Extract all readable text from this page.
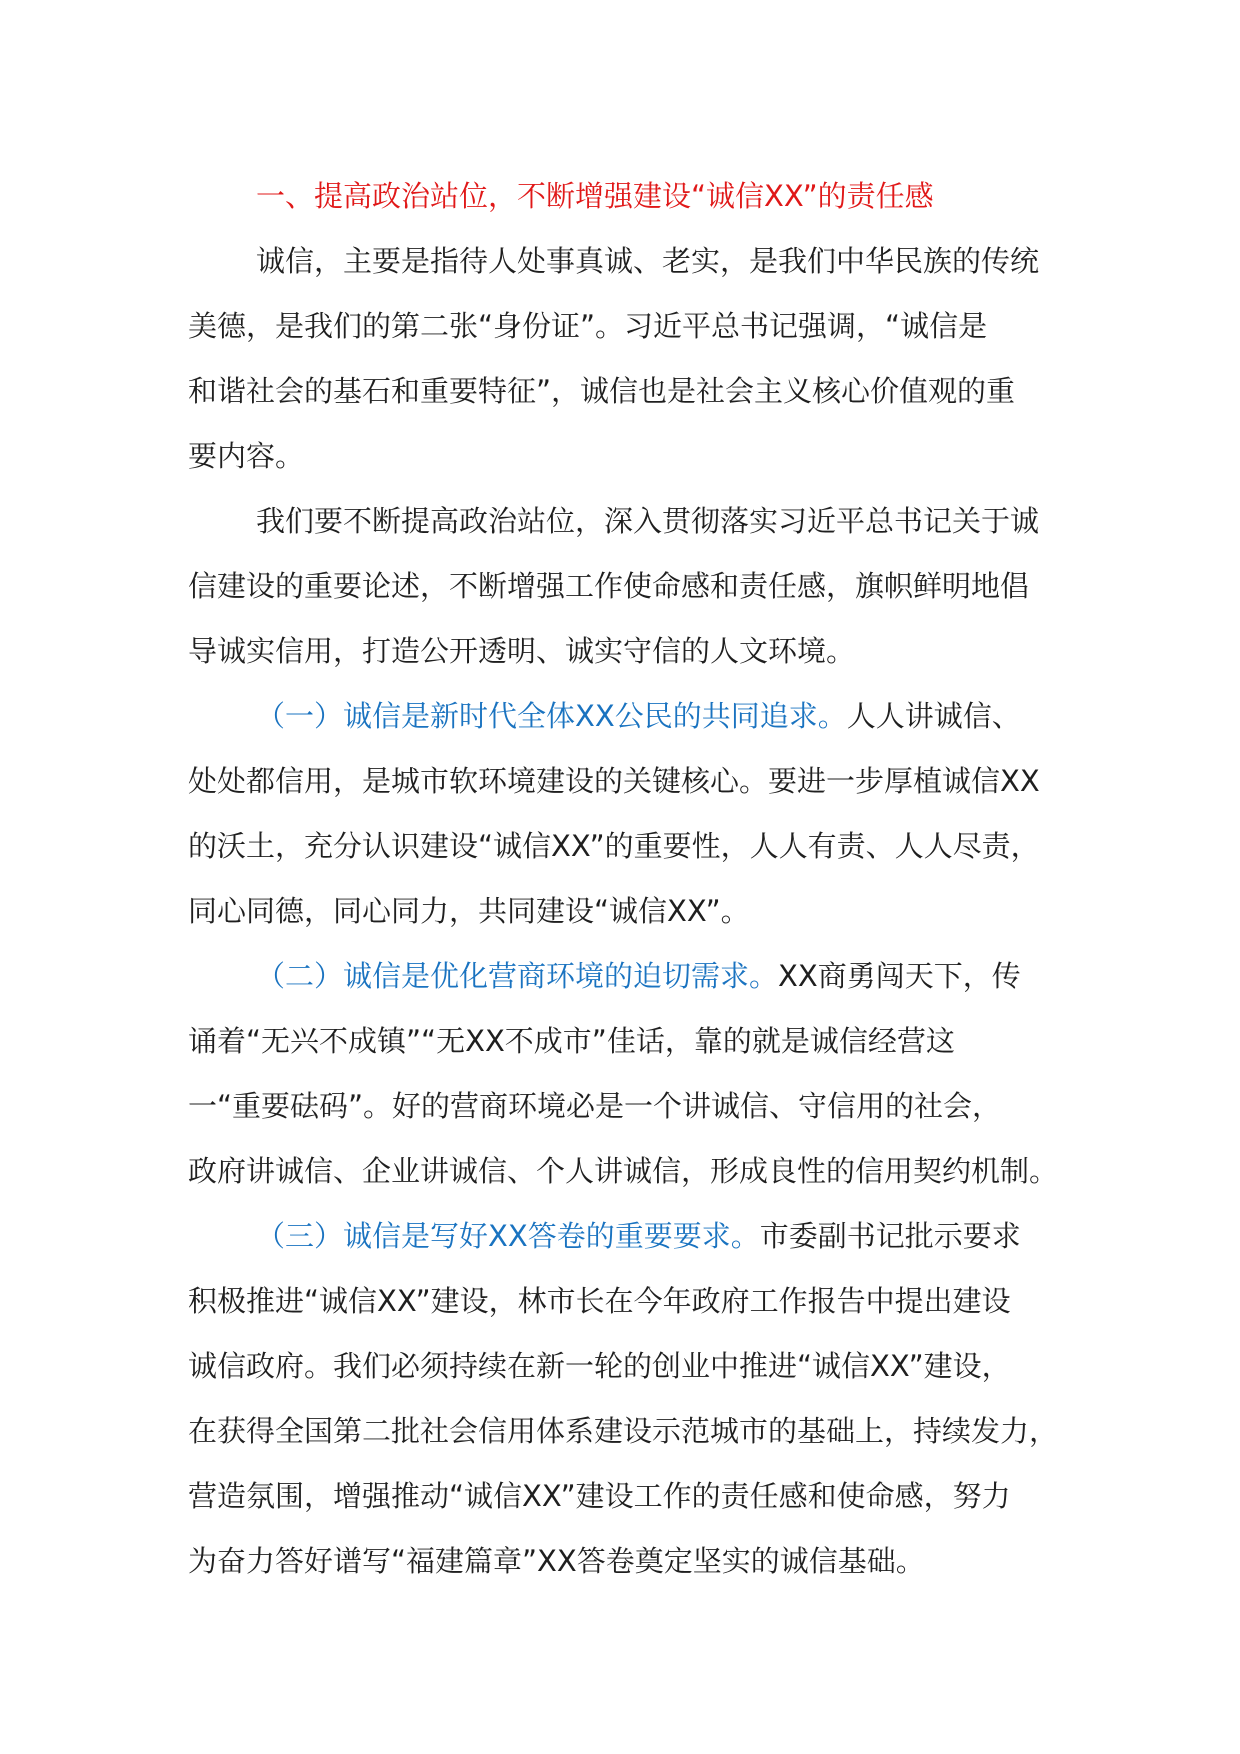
一、提高政治站位，不断增强建设“诚信XX”的责任感

诚信，主要是指待人处事真诚、老实，是我们中华民族的传统
美德，是我们的第二张“身份证”。习近平总书记强调，“诚信是
和谐社会的基石和重要特征”，诚信也是社会主义核心价值观的重
要内容。

我们要不断提高政治站位，深入贯彻落实习近平总书记关于诚
信建设的重要论述，不断增强工作使命感和责任感，旗帜鲜明地倡
导诚实信用，打造公开透明、诚实守信的人文环境。

（一）诚信是新时代全体XX公民的共同追求。人人讲诚信、
处处都信用，是城市软环境建设的关键核心。要进一步厚植诚信XX
的沃土，充分认识建设“诚信XX”的重要性，人人有责、人人尽责，
同心同德，同心同力，共同建设“诚信XX”。

（二）诚信是优化营商环境的迫切需求。XX商勇闯天下，传
诵着“无兴不成镇”“无XX不成市”佳话，靠的就是诚信经营这
一“重要砝码”。好的营商环境必是一个讲诚信、守信用的社会，
政府讲诚信、企业讲诚信、个人讲诚信，形成良性的信用契约机制。

（三）诚信是写好XX答卷的重要要求。市委副书记批示要求
积极推进“诚信XX”建设，林市长在今年政府工作报告中提出建设
诚信政府。我们必须持续在新一轮的创业中推进“诚信XX”建设，
在获得全国第二批社会信用体系建设示范城市的基础上，持续发力，
营造氛围，增强推动“诚信XX”建设工作的责任感和使命感，努力
为奋力答好谱写“福建篇章”XX答卷奠定坚实的诚信基础。
